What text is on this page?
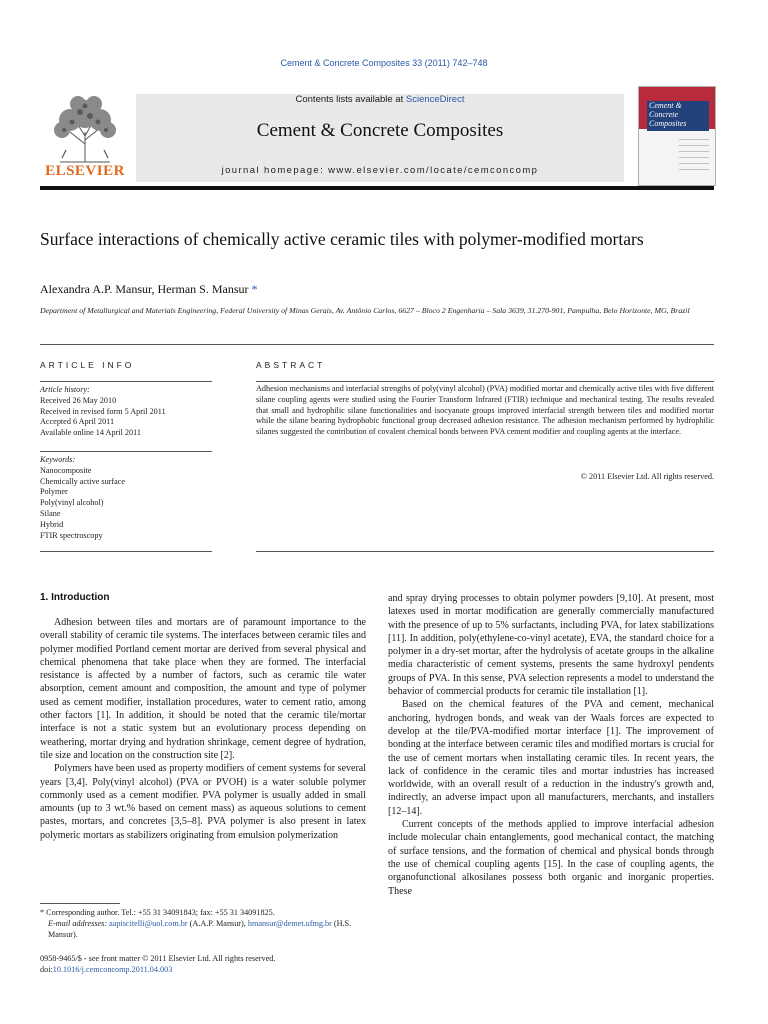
Cement & Concrete Composites 33 (2011) 742–748
ELSEVIER
Contents lists available at ScienceDirect
Cement & Concrete Composites
journal homepage: www.elsevier.com/locate/cemconcomp
Cement &
Concrete
Composites
Surface interactions of chemically active ceramic tiles with polymer-modified mortars
Alexandra A.P. Mansur, Herman S. Mansur *
Department of Metallurgical and Materials Engineering, Federal University of Minas Gerais, Av. Antônio Carlos, 6627 – Bloco 2 Engenharia – Sala 3639, 31.270-901, Pampulha, Belo Horizonte, MG, Brazil
ARTICLE INFO	ABSTRACT
Article history:
Received 26 May 2010
Received in revised form 5 April 2011
Accepted 6 April 2011
Available online 14 April 2011
Keywords:
Nanocomposite
Chemically active surface
Polymer
Poly(vinyl alcohol)
Silane
Hybrid
FTIR spectroscopy
Adhesion mechanisms and interfacial strengths of poly(vinyl alcohol) (PVA) modified mortar and chemically active tiles with five different silane coupling agents were studied using the Fourier Transform Infrared (FTIR) technique and mechanical testing. The results revealed that small and hydrophilic silane functionalities and isocyanate groups improved interfacial strength between tiles and modified mortar while the silane bearing hydrophobic functional group decreased adhesion resistance. The adhesion mechanism performed by hydrophilic silanes suggested the contribution of covalent chemical bonds between PVA cement modifier and coupling agents at the interface.
© 2011 Elsevier Ltd. All rights reserved.
1. Introduction

Adhesion between tiles and mortars are of paramount importance to the overall stability of ceramic tile systems. The interfaces between ceramic tiles and polymer modified Portland cement mortar are derived from several physical and chemical phenomena that take place when they are formed. The interfacial resistance is affected by a number of factors, such as ceramic tile water absorption, cement amount and composition, the amount and type of polymer used as cement modifier, installation procedures, water to cement ratio, among other factors [1]. In addition, it should be noted that the ceramic tile/mortar interface is not a static system but an evolutionary process depending on weathering, mortar drying and hydration shrinkage, cement degree of hydration, tile size and location on the construction site [2].

Polymers have been used as property modifiers of cement systems for several years [3,4]. Poly(vinyl alcohol) (PVA or PVOH) is a water soluble polymer commonly used as a cement modifier. PVA polymer is usually added in small amounts (up to 3 wt.% based on cement mass) as aqueous solutions to cement pastes, mortars, and concretes [3,5–8]. PVA polymer is also present in latex polymeric mortars as stabilizers originating from emulsion polymerization

and spray drying processes to obtain polymer powders [9,10]. At present, most latexes used in mortar modification are generally commercially manufactured with the presence of up to 5% surfactants, including PVA, for latex stabilizations [11]. In addition, poly(ethylene-co-vinyl acetate), EVA, the standard choice for a polymer in a dry-set mortar, after the hydrolysis of acetate groups in the alkaline media characteristic of cement systems, presents the same hydroxyl pendents groups of PVA. In this sense, PVA selection represents a model to understand the behavior of commercial products for ceramic tile installation [1].

Based on the chemical features of the PVA and cement, mechanical anchoring, hydrogen bonds, and weak van der Waals forces are expected to develop at the tile/PVA-modified mortar interface [1]. The improvement of bonding at the interface between ceramic tiles and modified mortars is crucial for the use of cement mortars when installating ceramic tiles. In recent years, the lack of confidence in the ceramic tiles and mortar industries has increased worldwide, with an overall result of a reduction in the industry's growth and, indirectly, an adverse impact upon all manufacturers, merchants, and installers [12–14].

Current concepts of the methods applied to improve interfacial adhesion include molecular chain entanglements, good mechanical contact, the matching of surface tensions, and the formation of chemical and physical bonds through the use of chemical coupling agents [15]. In the case of coupling agents, the organofunctional alkosilanes possess both organic and inorganic properties. These

* Corresponding author. Tel.: +55 31 34091843; fax: +55 31 34091825.
E-mail addresses: aapiscitelli@uol.com.br (A.A.P. Mansur), hmansur@demet.ufmg.br (H.S. Mansur).
0958-9465/$ - see front matter © 2011 Elsevier Ltd. All rights reserved.
doi:10.1016/j.cemconcomp.2011.04.003
